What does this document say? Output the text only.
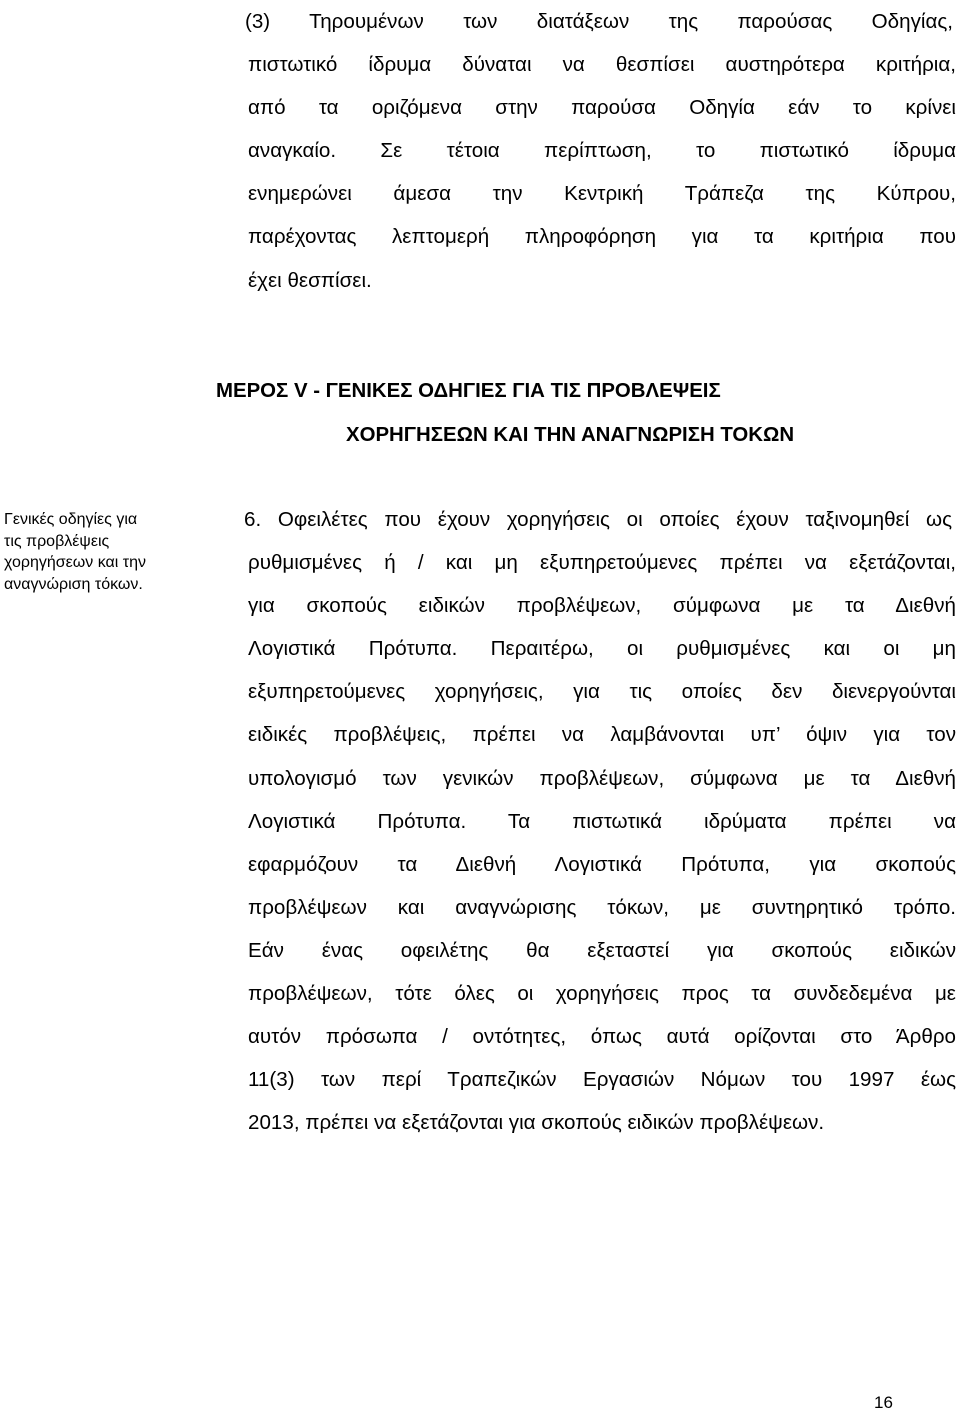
(3) Τηρουμένων των διατάξεων της παρούσας Οδηγίας,
πιστωτικό ίδρυμα δύναται να θεσπίσει αυστηρότερα κριτήρια,
από τα οριζόμενα στην παρούσα Οδηγία εάν το κρίνει
αναγκαίο. Σε τέτοια περίπτωση, το πιστωτικό ίδρυμα
ενημερώνει άμεσα την Κεντρική Τράπεζα της Κύπρου,
παρέχοντας λεπτομερή πληροφόρηση για τα κριτήρια που
έχει θεσπίσει.
ΜΕΡΟΣ V - ΓΕΝΙΚΕΣ ΟΔΗΓΙΕΣ ΓΙΑ ΤΙΣ ΠΡΟΒΛΕΨΕΙΣ
ΧΟΡΗΓΗΣΕΩΝ ΚΑΙ ΤΗΝ ΑΝΑΓΝΩΡΙΣΗ ΤΟΚΩΝ
Γενικές οδηγίες για
τις προβλέψεις
χορηγήσεων και την
αναγνώριση τόκων.
6. Οφειλέτες που έχουν χορηγήσεις οι οποίες έχουν ταξινομηθεί ως
ρυθμισμένες ή / και μη εξυπηρετούμενες πρέπει να εξετάζονται,
για σκοπούς ειδικών προβλέψεων, σύμφωνα με τα Διεθνή
Λογιστικά Πρότυπα. Περαιτέρω, οι ρυθμισμένες και οι μη
εξυπηρετούμενες χορηγήσεις, για τις οποίες δεν διενεργούνται
ειδικές προβλέψεις, πρέπει να λαμβάνονται υπ’ όψιν για τον
υπολογισμό των γενικών προβλέψεων, σύμφωνα με τα Διεθνή
Λογιστικά Πρότυπα. Τα πιστωτικά ιδρύματα πρέπει να
εφαρμόζουν τα Διεθνή Λογιστικά Πρότυπα, για σκοπούς
προβλέψεων και αναγνώρισης τόκων, με συντηρητικό τρόπο.
Εάν ένας οφειλέτης θα εξεταστεί για σκοπούς ειδικών
προβλέψεων, τότε όλες οι χορηγήσεις προς τα συνδεδεμένα με
αυτόν πρόσωπα / οντότητες, όπως αυτά ορίζονται στο Άρθρο
11(3) των περί Τραπεζικών Εργασιών Νόμων του 1997 έως
2013, πρέπει να εξετάζονται για σκοπούς ειδικών προβλέψεων.
16
